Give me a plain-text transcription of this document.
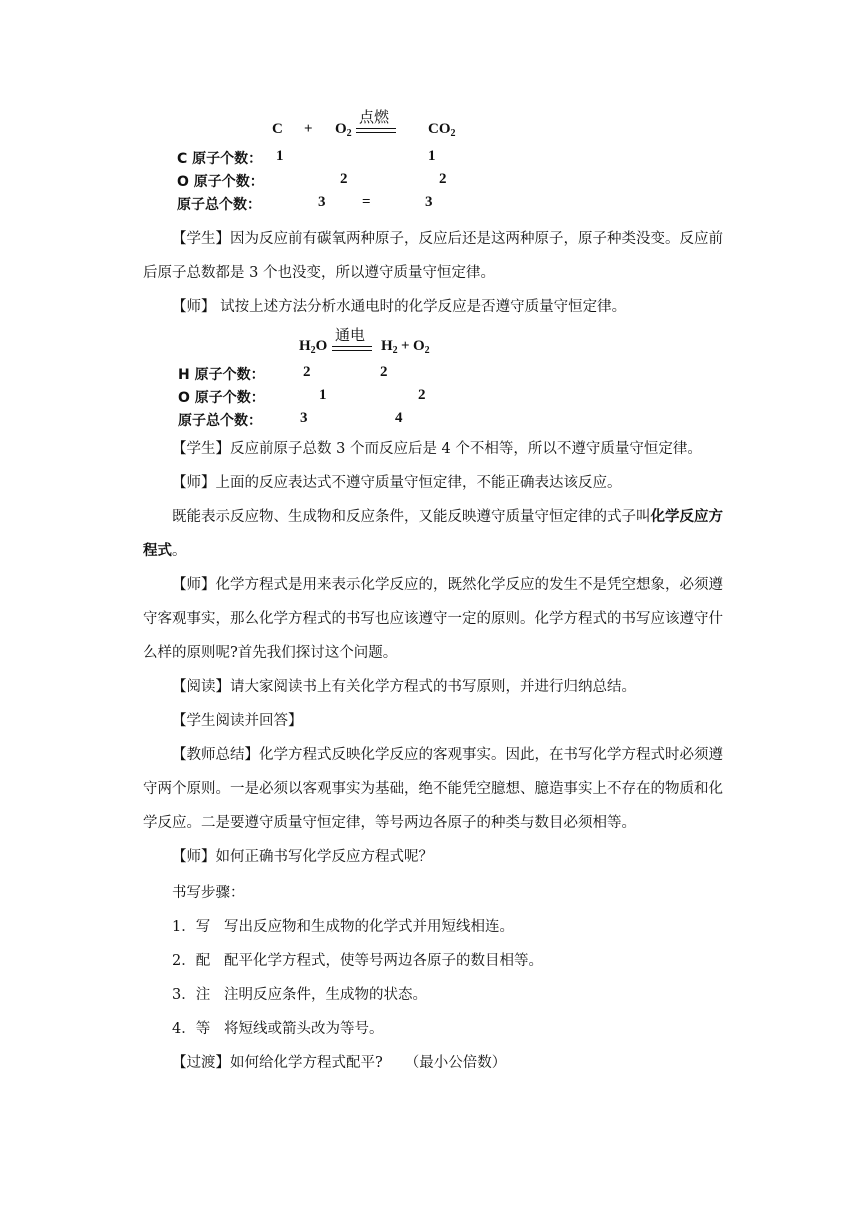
$C + O_2$
点燃
$CO_2$
C 原子个数： 1	1
O 原子个数：	2	2
原子总个数：	3 =	3
【学生】因为反应前有碳氧两种原子，反应后还是这两种原子，原子种类没变。反应前后原子总数都是 3 个也没变，所以遵守质量守恒定律。
【师】 试按上述方法分析水通电时的化学反应是否遵守质量守恒定律。
$H_2O$
通电
$H_2 + O_2$
H 原子个数：	2	2
O 原子个数：	1	2
原子总个数：	3	4
【学生】反应前原子总数 3 个而反应后是 4 个不相等，所以不遵守质量守恒定律。
【师】上面的反应表达式不遵守质量守恒定律，不能正确表达该反应。
既能表示反应物、生成物和反应条件，又能反映遵守质量守恒定律的式子叫化学反应方程式。
【师】化学方程式是用来表示化学反应的，既然化学反应的发生不是凭空想象，必须遵守客观事实，那么化学方程式的书写也应该遵守一定的原则。化学方程式的书写应该遵守什么样的原则呢?首先我们探讨这个问题。
【阅读】请大家阅读书上有关化学方程式的书写原则，并进行归纳总结。
【学生阅读并回答】
【教师总结】化学方程式反映化学反应的客观事实。因此，在书写化学方程式时必须遵守两个原则。一是必须以客观事实为基础，绝不能凭空臆想、臆造事实上不存在的物质和化学反应。二是要遵守质量守恒定律，等号两边各原子的种类与数目必须相等。
【师】如何正确书写化学反应方程式呢？
书写步骤：
1．写 写出反应物和生成物的化学式并用短线相连。
2．配 配平化学方程式，使等号两边各原子的数目相等。
3．注 注明反应条件，生成物的状态。
4．等 将短线或箭头改为等号。
【过渡】如何给化学方程式配平? （最小公倍数）
